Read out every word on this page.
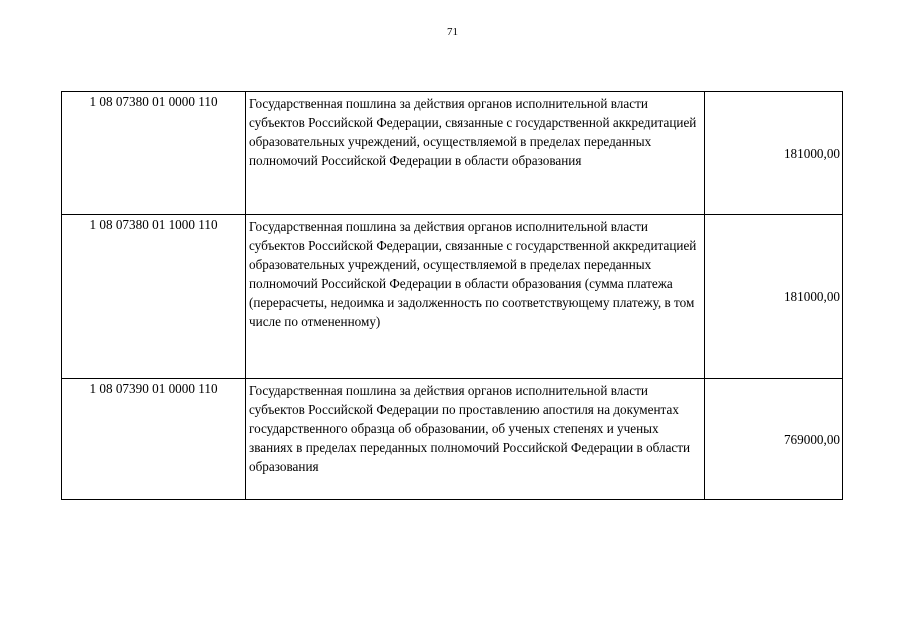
71
1 08 07380 01 0000 110	Государственная пошлина за действия органов исполнительной власти субъектов Российской Федерации, связанные с государственной аккредитацией образовательных учреждений, осуществляемой в пределах переданных полномочий Российской Федерации в области образования	181000,00
1 08 07380 01 1000 110	Государственная пошлина за действия органов исполнительной власти субъектов Российской Федерации, связанные с государственной аккредитацией образовательных учреждений, осуществляемой в пределах переданных полномочий Российской Федерации в области образования (сумма платежа (перерасчеты, недоимка и задолженность по соответствующему платежу, в том числе по отмененному)	181000,00
1 08 07390 01 0000 110	Государственная пошлина за действия органов исполнительной власти субъектов Российской Федерации по проставлению апостиля на документах государственного образца об образовании, об ученых степенях и ученых званиях в пределах переданных полномочий Российской Федерации в области образования	769000,00
